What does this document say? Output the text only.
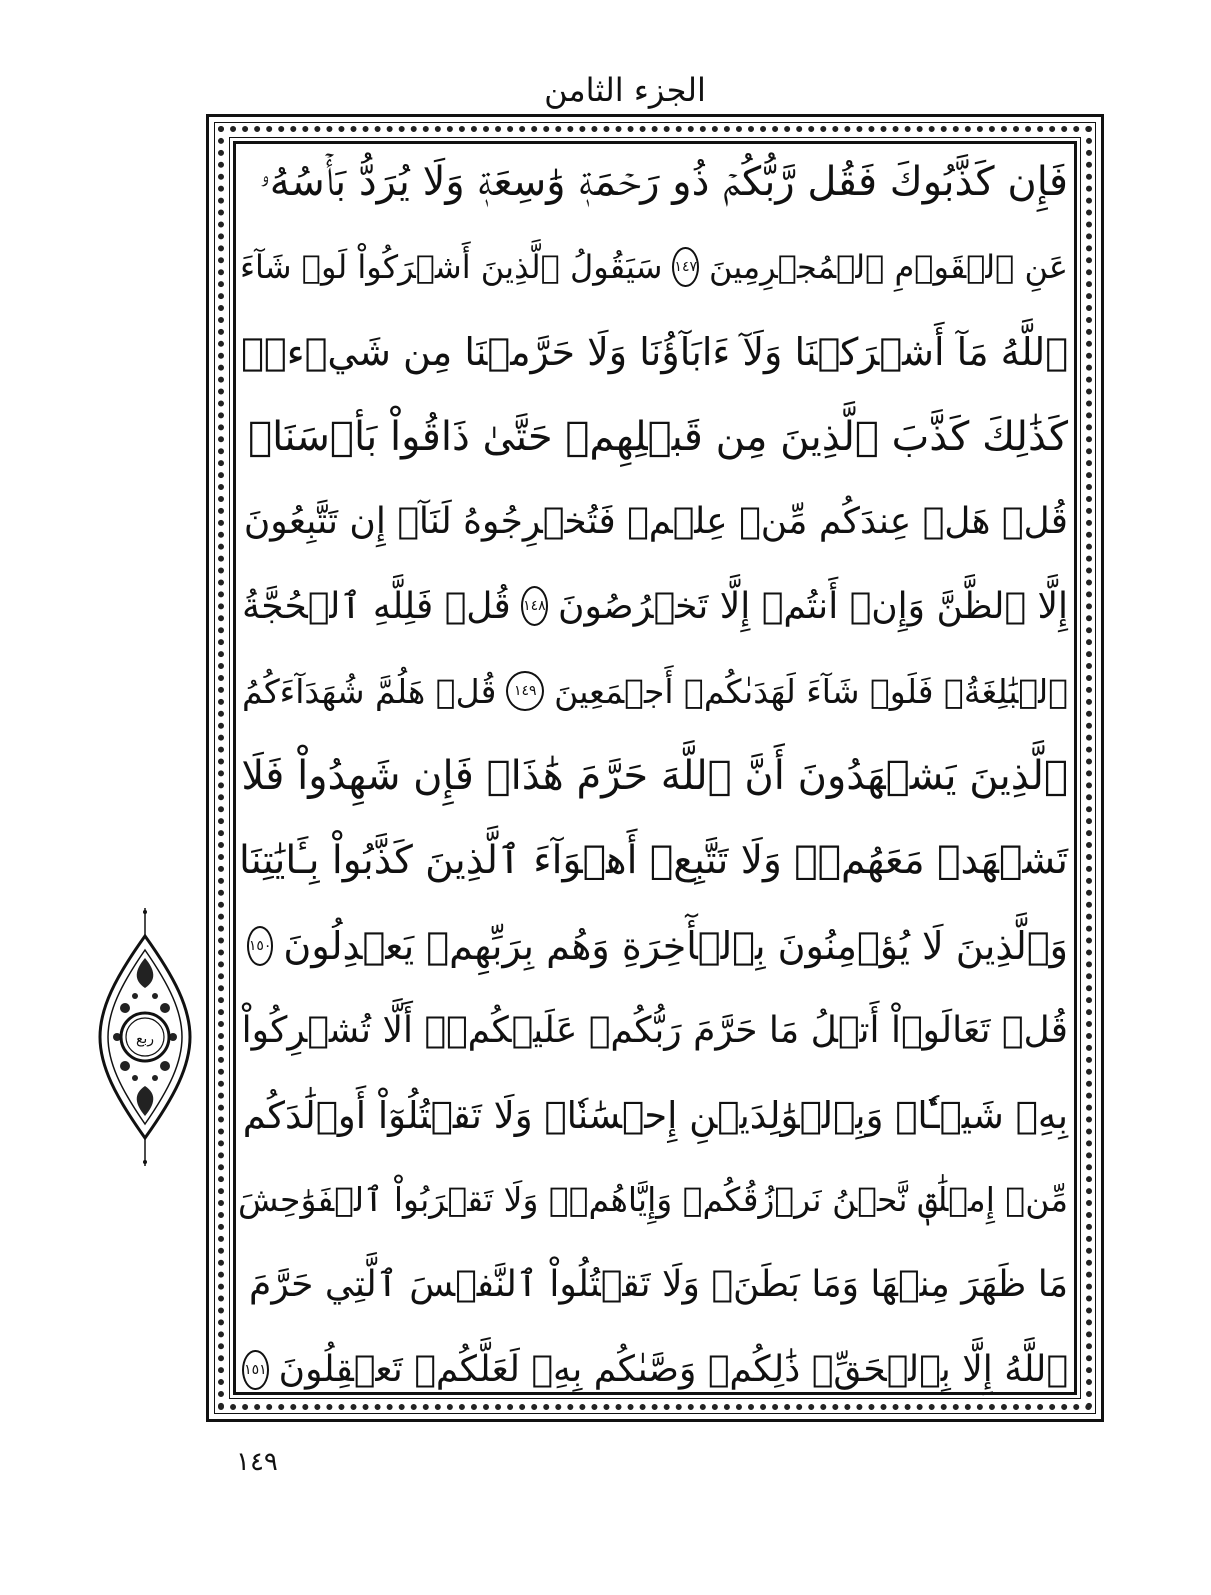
الجزء الثامن
فَإِن كَذَّبُوكَ فَقُل رَّبُّكُمۡ ذُو رَحۡمَةٖ وَٰسِعَةٖ وَلَا يُرَدُّ بَأۡسُهُۥ
عَنِ ٱلۡقَوۡمِ ٱلۡمُجۡرِمِينَ
١٤٧
سَيَقُولُ ٱلَّذِينَ أَشۡرَكُواْ لَوۡ شَآءَ
ٱللَّهُ مَآ أَشۡرَكۡنَا وَلَآ ءَابَآؤُنَا وَلَا حَرَّمۡنَا مِن شَيۡءٖۚ
كَذَٰلِكَ كَذَّبَ ٱلَّذِينَ مِن قَبۡلِهِمۡ حَتَّىٰ ذَاقُواْ بَأۡسَنَاۗ
قُلۡ هَلۡ عِندَكُم مِّنۡ عِلۡمٖ فَتُخۡرِجُوهُ لَنَآۖ إِن تَتَّبِعُونَ
إِلَّا ٱلظَّنَّ وَإِنۡ أَنتُمۡ إِلَّا تَخۡرُصُونَ
١٤٨
قُلۡ فَلِلَّهِ ٱلۡحُجَّةُ
ٱلۡبَٰلِغَةُۖ فَلَوۡ شَآءَ لَهَدَىٰكُمۡ أَجۡمَعِينَ
١٤٩
قُلۡ هَلُمَّ شُهَدَآءَكُمُ
ٱلَّذِينَ يَشۡهَدُونَ أَنَّ ٱللَّهَ حَرَّمَ هَٰذَاۖ فَإِن شَهِدُواْ فَلَا
تَشۡهَدۡ مَعَهُمۡۚ وَلَا تَتَّبِعۡ أَهۡوَآءَ ٱلَّذِينَ كَذَّبُواْ بِـَٔايَٰتِنَا
وَٱلَّذِينَ لَا يُؤۡمِنُونَ بِٱلۡأٓخِرَةِ وَهُم بِرَبِّهِمۡ يَعۡدِلُونَ
١٥٠
قُلۡ تَعَالَوۡاْ أَتۡلُ مَا حَرَّمَ رَبُّكُمۡ عَلَيۡكُمۡۖ أَلَّا تُشۡرِكُواْ
بِهِۦ شَيۡـٔٗاۖ وَبِٱلۡوَٰلِدَيۡنِ إِحۡسَٰنٗاۖ وَلَا تَقۡتُلُوٓاْ أَوۡلَٰدَكُم
مِّنۡ إِمۡلَٰقٖ نَّحۡنُ نَرۡزُقُكُمۡ وَإِيَّاهُمۡۖ وَلَا تَقۡرَبُواْ ٱلۡفَوَٰحِشَ
مَا ظَهَرَ مِنۡهَا وَمَا بَطَنَۖ وَلَا تَقۡتُلُواْ ٱلنَّفۡسَ ٱلَّتِي حَرَّمَ
ٱللَّهُ إِلَّا بِٱلۡحَقِّۚ ذَٰلِكُمۡ وَصَّىٰكُم بِهِۦ لَعَلَّكُمۡ تَعۡقِلُونَ
١٥١
ربع
١٤٩
